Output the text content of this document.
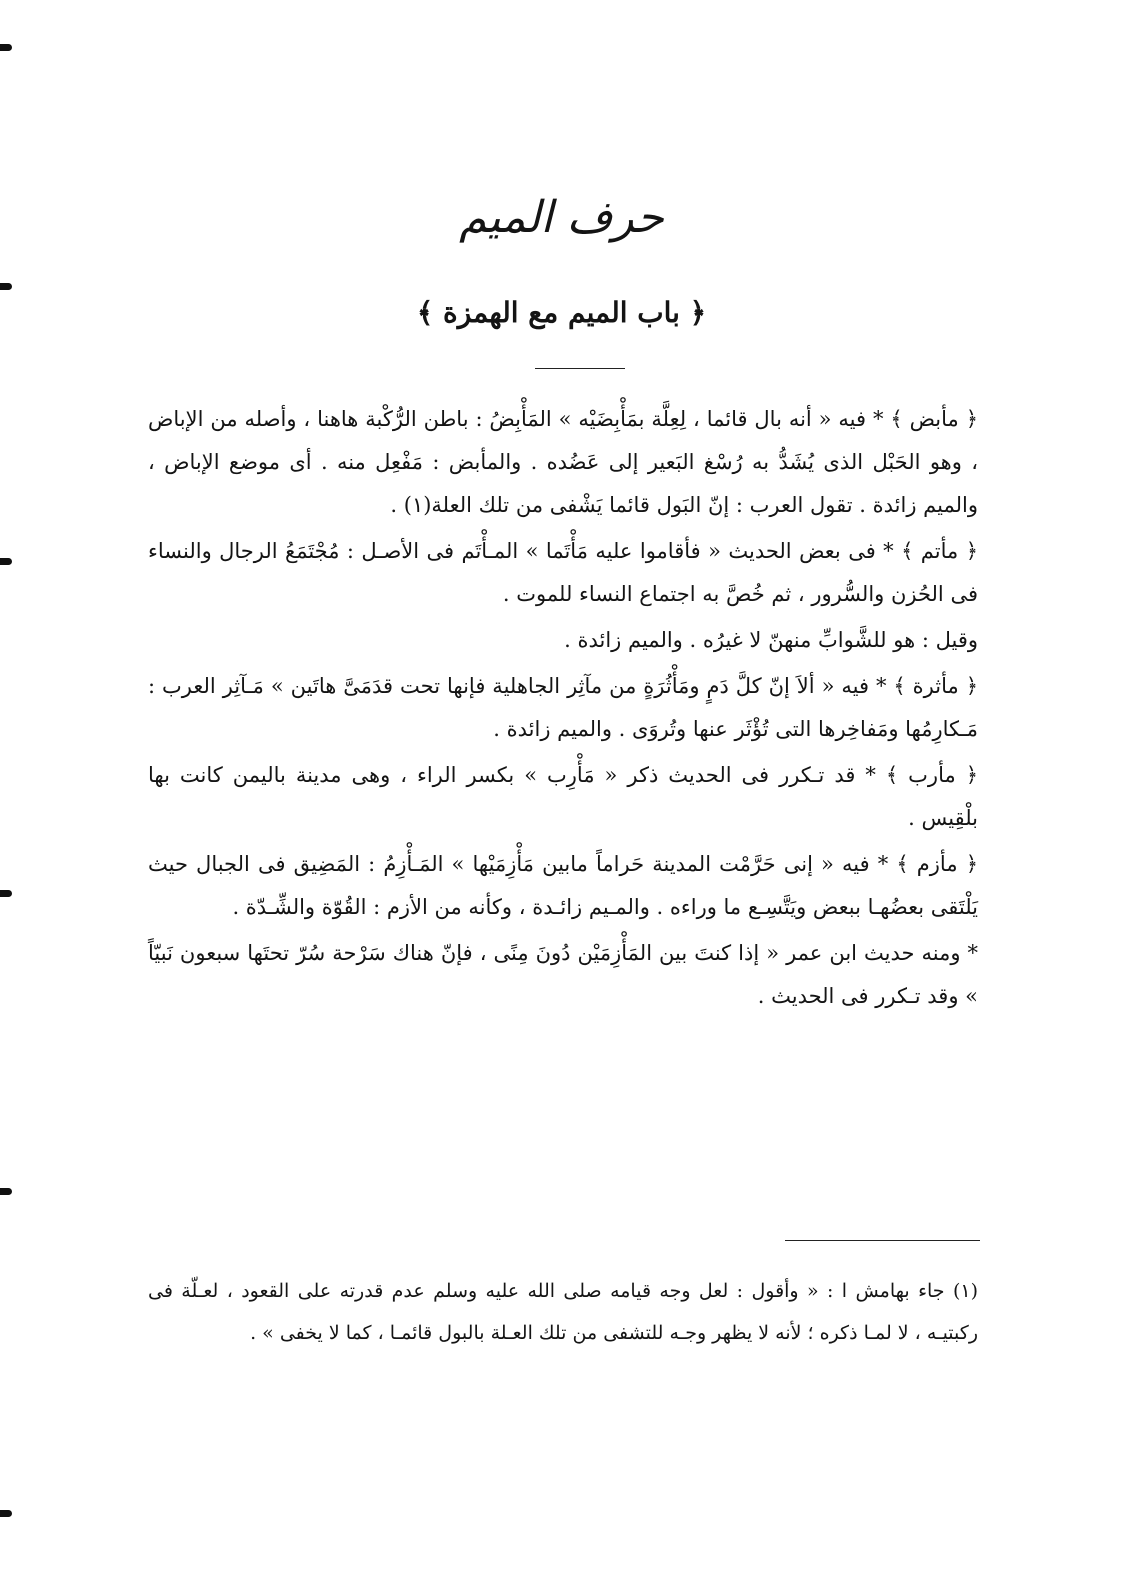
حرف الميم
﴿ باب الميم مع الهمزة ﴾

﴿ مأبض ﴾ * فيه « أنه بال قائما ، لِعِلَّة بمَأْبِضَيْه » المَأْبِضُ : باطن الرُّكْبة هاهنا ، وأصله من الإباض ، وهو الحَبْل الذى يُشَدُّ به رُسْغ البَعير إلى عَضُده . والمأبض : مَفْعِل منه . أى موضع الإباض ، والميم زائدة . تقول العرب : إنّ البَول قائما يَشْفى من تلك العلة(١) .

﴿ مأتم ﴾ * فى بعض الحديث « فأقاموا عليه مَأْتَما » المـأْتَم فى الأصـل : مُجْتَمَعُ الرجال والنساء فى الحُزن والسُّرور ، ثم خُصَّ به اجتماع النساء للموت .

وقيل : هو للشَّوابِّ منهنّ لا غيرُه . والميم زائدة .

﴿ مأثرة ﴾ * فيه « ألاَ إنّ كلَّ دَمٍ ومَأْثُرَةٍ من مآثِر الجاهلية فإنها تحت قدَمَىَّ هاتَين » مَـآثِر العرب : مَـكارِمُها ومَفاخِرها التى تُؤْثَر عنها وتُروَى . والميم زائدة .

﴿ مأرب ﴾ * قد تـكرر فى الحديث ذكر « مَأْرِب » بكسر الراء ، وهى مدينة باليمن كانت بها بلْقِيس .

﴿ مأزم ﴾ * فيه « إنى حَرَّمْت المدينة حَراماً مابين مَأْزِمَيْها » المَـأْزِمُ : المَضِيق فى الجبال حيث يَلْتَقى بعضُهـا ببعض ويَتَّسِـع ما وراءه . والمـيم زائـدة ، وكأنه من الأزم : القُوّة والشِّـدّة .

* ومنه حديث ابن عمر « إذا كنتَ بين المَأْزِمَيْن دُونَ مِنًى ، فإنّ هناك سَرْحة سُرّ تحتَها سبعون نَبيّاً » وقد تـكرر فى الحديث .

(١) جاء بهامش ا : « وأقول : لعل وجه قيامه صلى الله عليه وسلم عدم قدرته على القعود ، لعـلّة فى ركبتيـه ، لا لمـا ذكره ؛ لأنه لا يظهر وجـه للتشفى من تلك العـلة بالبول قائمـا ، كما لا يخفى » .
